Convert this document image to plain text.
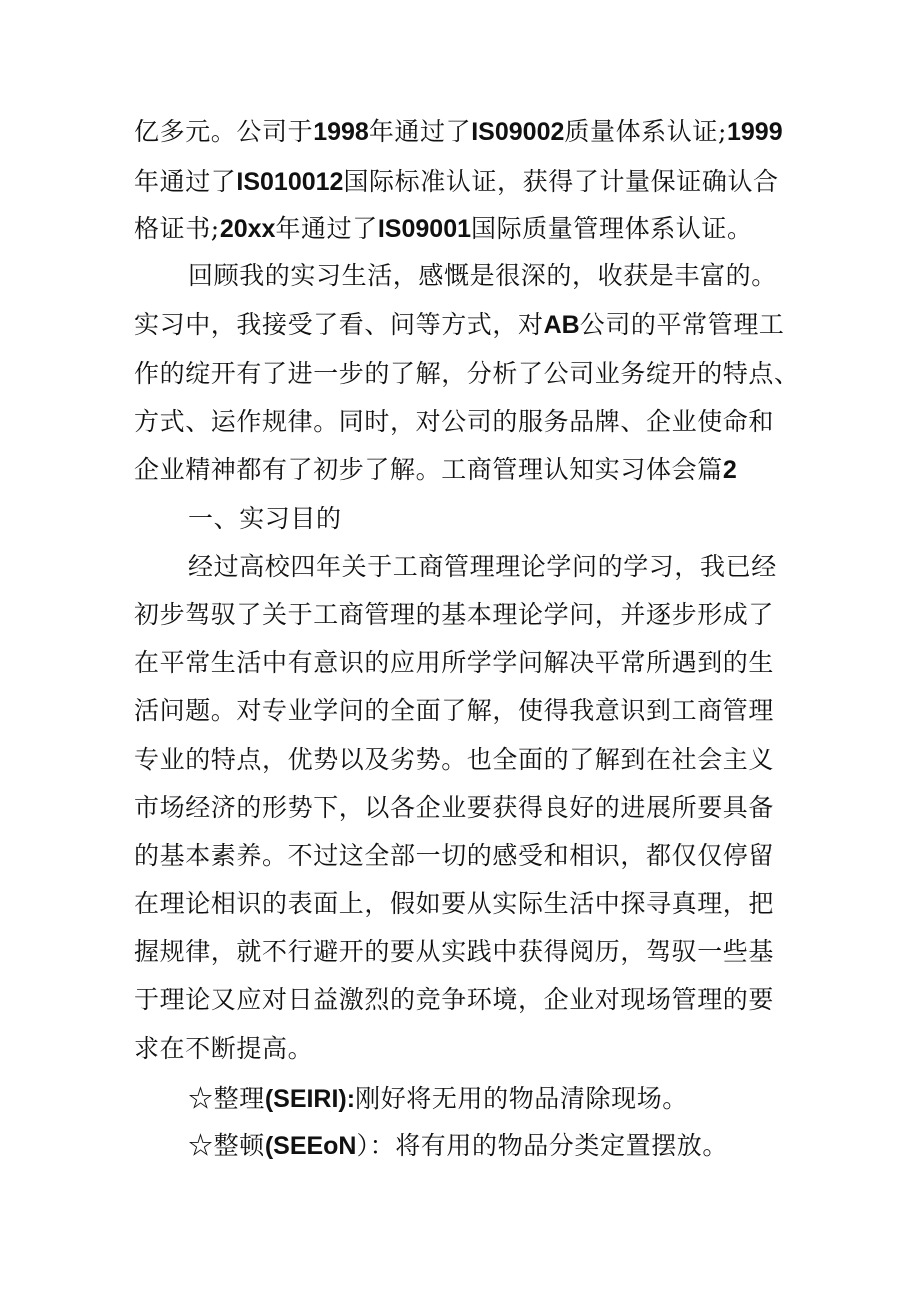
亿多元。公司于1998年通过了IS09002质量体系认证;1999
年通过了IS010012国际标准认证，获得了计量保证确认合
格证书;20xx年通过了IS09001国际质量管理体系认证。
回顾我的实习生活，感慨是很深的，收获是丰富的。
实习中，我接受了看、问等方式，对AB公司的平常管理工
作的绽开有了进一步的了解，分析了公司业务绽开的特点、
方式、运作规律。同时，对公司的服务品牌、企业使命和
企业精神都有了初步了解。工商管理认知实习体会篇2
一、实习目的
经过高校四年关于工商管理理论学问的学习，我已经
初步驾驭了关于工商管理的基本理论学问，并逐步形成了
在平常生活中有意识的应用所学学问解决平常所遇到的生
活问题。对专业学问的全面了解，使得我意识到工商管理
专业的特点，优势以及劣势。也全面的了解到在社会主义
市场经济的形势下，以各企业要获得良好的进展所要具备
的基本素养。不过这全部一切的感受和相识，都仅仅停留
在理论相识的表面上，假如要从实际生活中探寻真理，把
握规律，就不行避开的要从实践中获得阅历，驾驭一些基
于理论又应对日益激烈的竞争环境，企业对现场管理的要
求在不断提高。
☆整理(SEIRI):刚好将无用的物品清除现场。
☆整顿(SEEoN）：将有用的物品分类定置摆放。
